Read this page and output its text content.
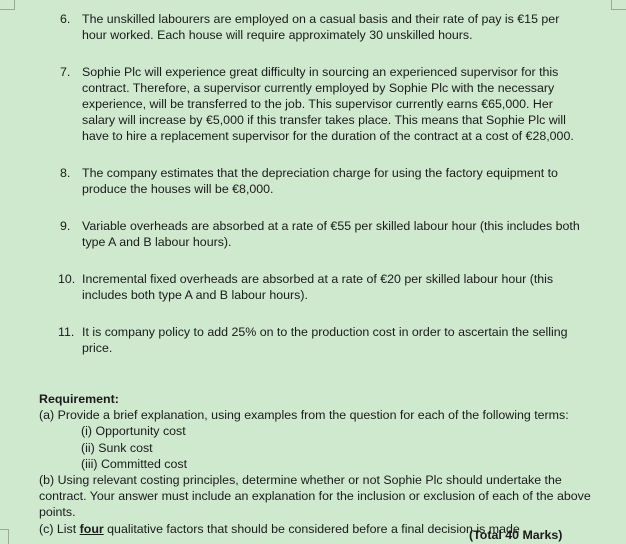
6. The unskilled labourers are employed on a casual basis and their rate of pay is €15 per hour worked. Each house will require approximately 30 unskilled hours.
7. Sophie Plc will experience great difficulty in sourcing an experienced supervisor for this contract. Therefore, a supervisor currently employed by Sophie Plc with the necessary experience, will be transferred to the job. This supervisor currently earns €65,000. Her salary will increase by €5,000 if this transfer takes place. This means that Sophie Plc will have to hire a replacement supervisor for the duration of the contract at a cost of €28,000.
8. The company estimates that the depreciation charge for using the factory equipment to produce the houses will be €8,000.
9. Variable overheads are absorbed at a rate of €55 per skilled labour hour (this includes both type A and B labour hours).
10. Incremental fixed overheads are absorbed at a rate of €20 per skilled labour hour (this includes both type A and B labour hours).
11. It is company policy to add 25% on to the production cost in order to ascertain the selling price.
Requirement:
(a) Provide a brief explanation, using examples from the question for each of the following terms:
(i) Opportunity cost
(ii) Sunk cost
(iii) Committed cost
(b) Using relevant costing principles, determine whether or not Sophie Plc should undertake the contract. Your answer must include an explanation for the inclusion or exclusion of each of the above points.
(c) List four qualitative factors that should be considered before a final decision is made
(Total 40 Marks)
